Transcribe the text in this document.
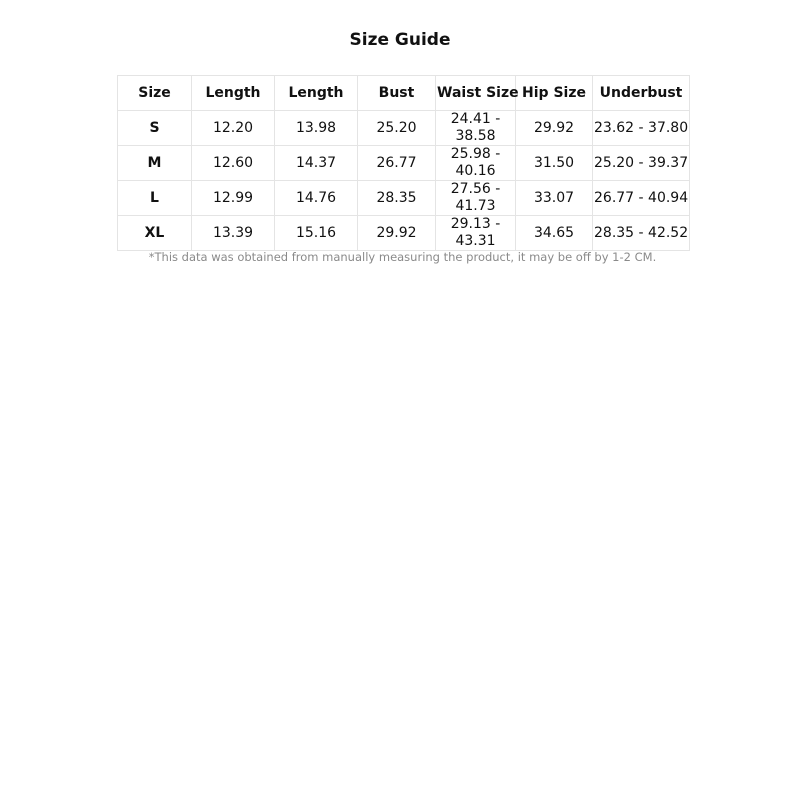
Size Guide
Size	Length	Length	Bust	Waist Size	Hip Size	Underbust
S	12.20	13.98	25.20	24.41 - 38.58	29.92	23.62 - 37.80
M	12.60	14.37	26.77	25.98 - 40.16	31.50	25.20 - 39.37
L	12.99	14.76	28.35	27.56 - 41.73	33.07	26.77 - 40.94
XL	13.39	15.16	29.92	29.13 - 43.31	34.65	28.35 - 42.52
*This data was obtained from manually measuring the product, it may be off by 1-2 CM.
